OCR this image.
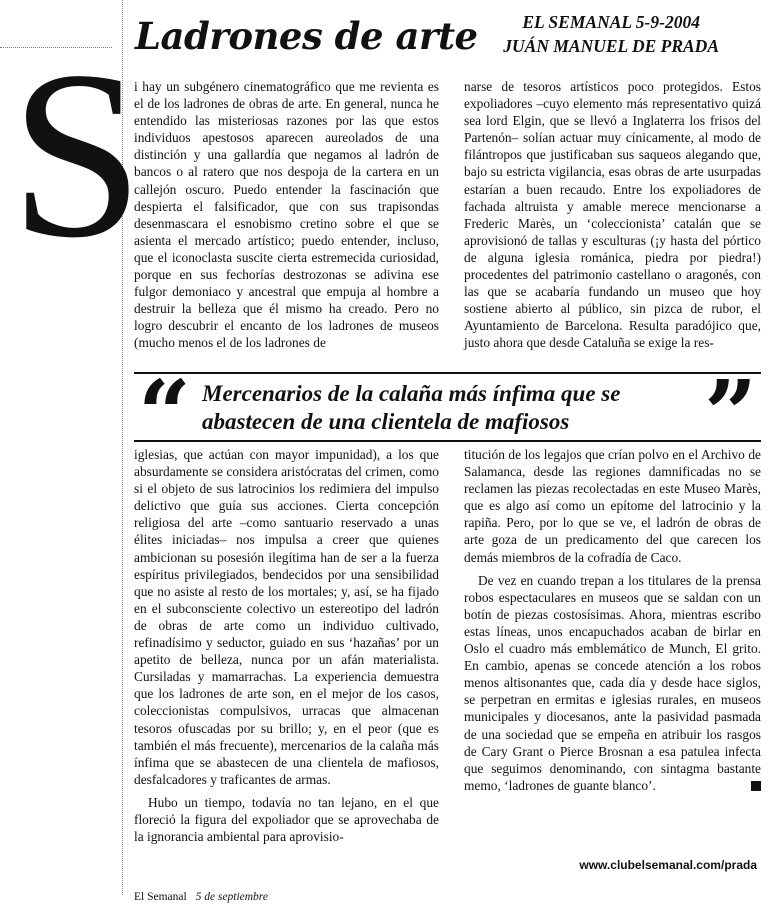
Ladrones de arte	EL SEMANAL 5-9-2004
JUÁN MANUEL DE PRADA
S

i hay un subgénero cinematográfico que me revienta es el de los ladrones de obras de arte. En general, nunca he entendido las misteriosas razones por las que estos individuos apestosos aparecen aureolados de una distinción y una gallardía que negamos al ladrón de bancos o al ratero que nos despoja de la cartera en un callejón oscuro. Puedo entender la fascinación que despierta el falsificador, que con sus trapisondas desenmascara el esnobismo cretino sobre el que se asienta el mercado artístico; puedo entender, incluso, que el iconoclasta suscite cierta estremecida curiosidad, porque en sus fechorías destrozonas se adivina ese fulgor demoniaco y ancestral que empuja al hombre a destruir la belleza que él mismo ha creado. Pero no logro descubrir el encanto de los ladrones de museos (mucho menos el de los ladrones de

narse de tesoros artísticos poco protegidos. Estos expoliadores –cuyo elemento más representativo quizá sea lord Elgin, que se llevó a Inglaterra los frisos del Partenón– solían actuar muy cínicamente, al modo de filántropos que justificaban sus saqueos alegando que, bajo su estricta vigilancia, esas obras de arte usurpadas estarían a buen recaudo. Entre los expoliadores de fachada altruista y amable merece mencionarse a Frederic Marès, un ‘coleccionista’ catalán que se aprovisionó de tallas y esculturas (¡y hasta del pórtico de alguna iglesia románica, piedra por piedra!) procedentes del patrimonio castellano o aragonés, con las que se acabaría fundando un museo que hoy sostiene abierto al público, sin pizca de rubor, el Ayuntamiento de Barcelona. Resulta paradójico que, justo ahora que desde Cataluña se exige la res-

“ Mercenarios de la calaña más ínfima que se abastecen de una clientela de mafiosos	”

iglesias, que actúan con mayor impunidad), a los que absurdamente se considera aristócratas del crimen, como si el objeto de sus latrocinios los redimiera del impulso delictivo que guía sus acciones. Cierta concepción religiosa del arte –como santuario reservado a unas élites iniciadas– nos impulsa a creer que quienes ambicionan su posesión ilegítima han de ser a la fuerza espíritus privilegiados, bendecidos por una sensibilidad que no asiste al resto de los mortales; y, así, se ha fijado en el subconsciente colectivo un estereotipo del ladrón de obras de arte como un individuo cultivado, refinadísimo y seductor, guiado en sus ‘hazañas’ por un apetito de belleza, nunca por un afán materialista. Cursiladas y mamarrachas. La experiencia demuestra que los ladrones de arte son, en el mejor de los casos, coleccionistas compulsivos, urracas que almacenan tesoros ofuscadas por su brillo; y, en el peor (que es también el más frecuente), mercenarios de la calaña más ínfima que se abastecen de una clientela de mafiosos, desfalcadores y traficantes de armas.

Hubo un tiempo, todavía no tan lejano, en el que floreció la figura del expoliador que se aprovechaba de la ignorancia ambiental para aprovisio-

titución de los legajos que crían polvo en el Archivo de Salamanca, desde las regiones damnificadas no se reclamen las piezas recolectadas en este Museo Marès, que es algo así como un epítome del latrocinio y la rapiña. Pero, por lo que se ve, el ladrón de obras de arte goza de un predicamento del que carecen los demás miembros de la cofradía de Caco.

De vez en cuando trepan a los titulares de la prensa robos espectaculares en museos que se saldan con un botín de piezas costosísimas. Ahora, mientras escribo estas líneas, unos encapuchados acaban de birlar en Oslo el cuadro más emblemático de Munch, El grito. En cambio, apenas se concede atención a los robos menos altisonantes que, cada día y desde hace siglos, se perpetran en ermitas e iglesias rurales, en museos municipales y diocesanos, ante la pasividad pasmada de una sociedad que se empeña en atribuir los rasgos de Cary Grant o Pierce Brosnan a esa patulea infecta que seguimos denominando, con sintagma bastante memo, ‘ladrones de guante blanco’.

www.clubelsemanal.com/prada
El Semanal 5 de septiembre
